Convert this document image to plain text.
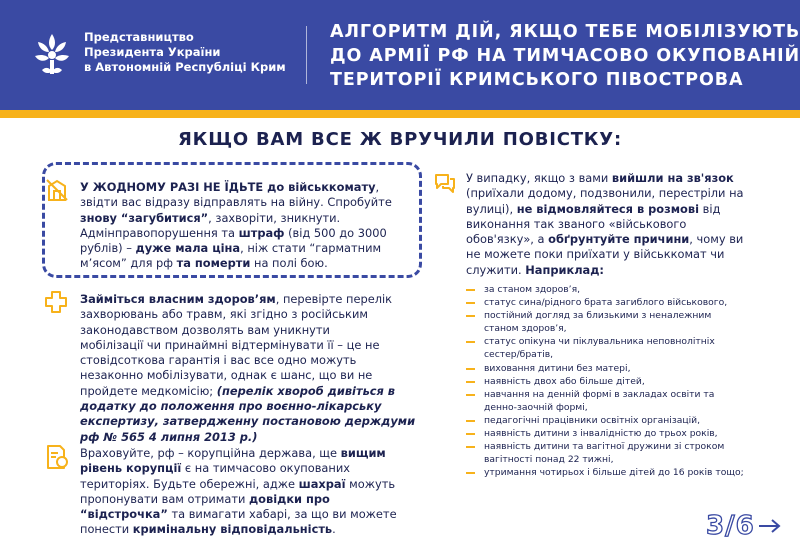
Представництво
Президента України
в Автономній Республіці Крим
АЛГОРИТМ ДІЙ, ЯКЩО ТЕБЕ МОБІЛІЗУЮТЬ
ДО АРМІЇ РФ НА ТИМЧАСОВО ОКУПОВАНІЙ
ТЕРИТОРІЇ КРИМСЬКОГО ПІВОСТРОВА
ЯКЩО ВАМ ВСЕ Ж ВРУЧИЛИ ПОВІСТКУ:
У ЖОДНОМУ РАЗІ НЕ ЇДЬТЕ до військкомату,
звідти вас відразу відправлять на війну. Спробуйте
знову “загубитися”, захворіти, зникнути.
Адмінправопорушення та штраф (від 500 до 3000
рублів) – дуже мала ціна, ніж стати “гарматним
м’ясом” для рф та померти на полі бою.
Займіться власним здоров’ям, перевірте перелік
захворювань або травм, які згідно з російським
законодавством дозволять вам уникнути
мобілізації чи принаймні відтермінувати її – це не
стовідсоткова гарантія і вас все одно можуть
незаконно мобілізувати, однак є шанс, що ви не
пройдете медкомісію; (перелік хвороб дивіться в
додатку до положення про воєнно-лікарську
експертизу, затвердженну постановою держдуми
рф № 565 4 липня 2013 р.)
Враховуйте, рф – корупційна держава, ще вищим
рівень корупції є на тимчасово окупованих
територіях. Будьте обережні, адже шахраї можуть
пропонувати вам отримати довідки про
“відстрочка” та вимагати хабарі, за що ви можете
понести кримінальну відповідальність.
У випадку, якщо з вами вийшли на зв'язок
(приїхали додому, подзвонили, перестріли на
вулиці), не відмовляйтеся в розмові від
виконання так званого «військового
обов'язку», а обґрунтуйте причини, чому ви
не можете поки приїхати у військкомат чи
служити. Наприклад:
за станом здоров’я,
статус сина/рідного брата загиблого військового,
постійний догляд за близькими з неналежним
станом здоров’я,
статус опікуна чи піклувальника неповнолітніх
сестер/братів,
виховання дитини без матері,
наявність двох або більше дітей,
навчання на денній формі в закладах освіти та
денно-заочній формі,
педагогічні працівники освітніх організацій,
наявність дитини з інвалідністю до трьох років,
наявність дитини та вагітної дружини зі строком
вагітності понад 22 тижні,
утримання чотирьох і більше дітей до 16 років тощо;
3/6
